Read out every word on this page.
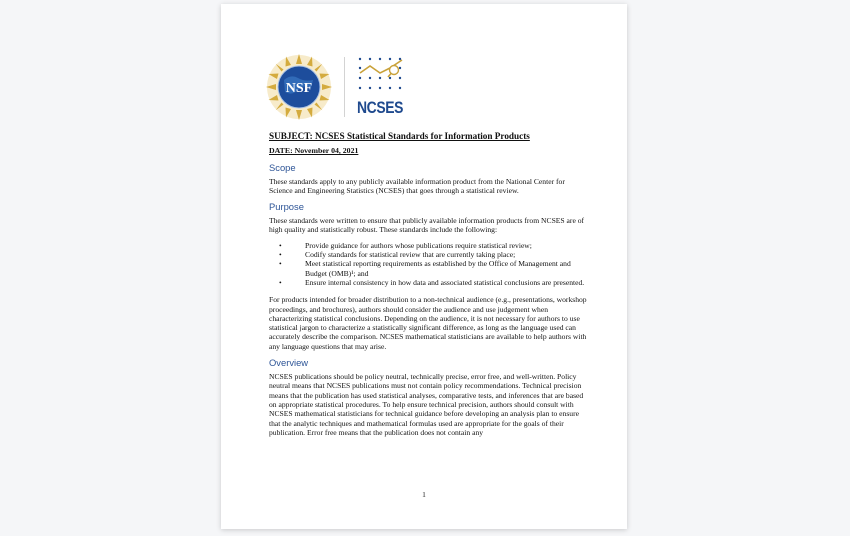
NSF
NCSES
SUBJECT: NCSES Statistical Standards for Information Products
DATE: November 04, 2021
Scope

These standards apply to any publicly available information product from the National Center for Science and Engineering Statistics (NCSES) that goes through a statistical review.

Purpose

These standards were written to ensure that publicly available information products from NCSES are of high quality and statistically robust. These standards include the following:

•	Provide guidance for authors whose publications require statistical review;
•	Codify standards for statistical review that are currently taking place;
•	Meet statistical reporting requirements as established by the Office of Management and Budget (OMB)¹; and
•	Ensure internal consistency in how data and associated statistical conclusions are presented.

For products intended for broader distribution to a non-technical audience (e.g., presentations, workshop proceedings, and brochures), authors should consider the audience and use judgement when characterizing statistical conclusions. Depending on the audience, it is not necessary for authors to use statistical jargon to characterize a statistically significant difference, as long as the language used can accurately describe the comparison. NCSES mathematical statisticians are available to help authors with any language questions that may arise.

Overview

NCSES publications should be policy neutral, technically precise, error free, and well-written. Policy neutral means that NCSES publications must not contain policy recommendations. Technical precision means that the publication has used statistical analyses, comparative tests, and inferences that are based on appropriate statistical procedures. To help ensure technical precision, authors should consult with NCSES mathematical statisticians for technical guidance before developing an analysis plan to ensure that the analytic techniques and mathematical formulas used are appropriate for the goals of their publication. Error free means that the publication does not contain any

1
